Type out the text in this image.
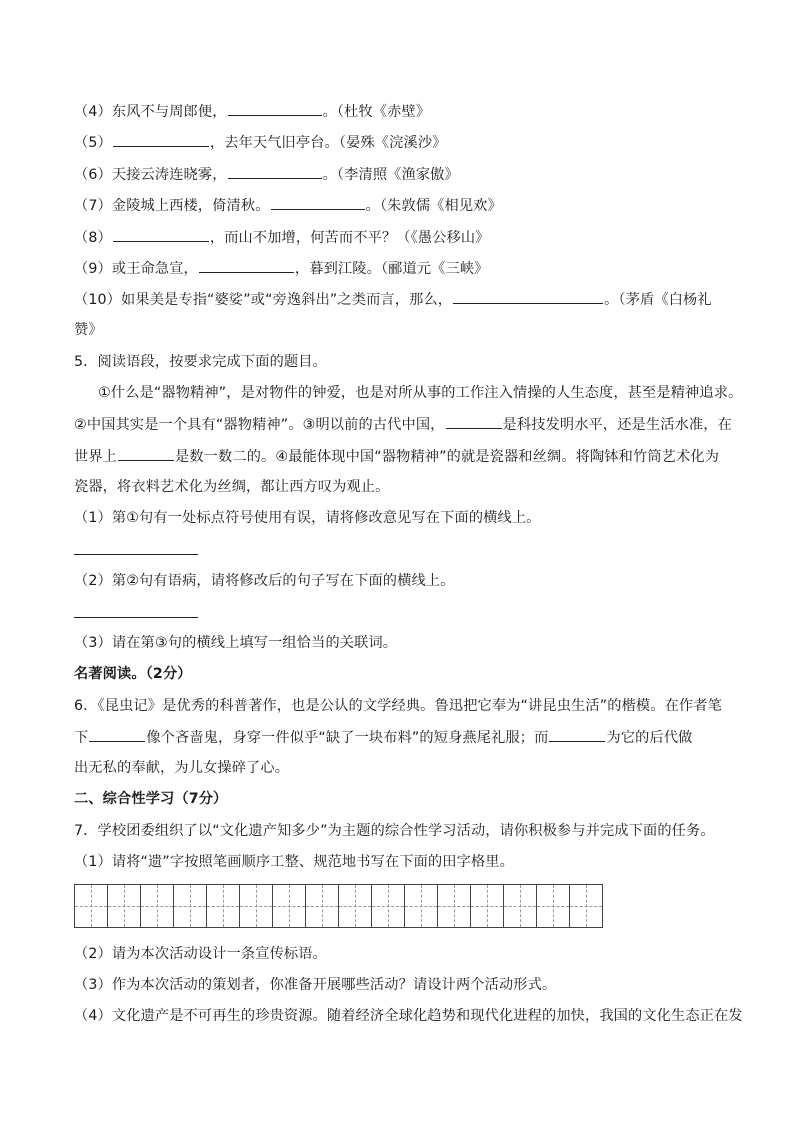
（4）东风不与周郎便，	。（杜牧《赤壁》
（5）	，去年天气旧亭台。（晏殊《浣溪沙》
（6）天接云涛连晓雾，	。（李清照《渔家傲》
（7）金陵城上西楼，倚清秋。	。（朱敦儒《相见欢》
（8）	，而山不加增，何苦而不平？（《愚公移山》
（9）或王命急宣，	，暮到江陵。（郦道元《三峡》
（10）如果美是专指“婆娑”或“旁逸斜出”之类而言，那么，	。（茅盾《白杨礼
赞》
5．阅读语段，按要求完成下面的题目。
①什么是“器物精神”，是对物件的钟爱，也是对所从事的工作注入情操的人生态度，甚至是精神追求。
②中国其实是一个具有“器物精神”。③明以前的古代中国，	是科技发明水平，还是生活水准，在
世界上	是数一数二的。④最能体现中国“器物精神”的就是瓷器和丝绸。将陶钵和竹筒艺术化为
瓷器，将衣料艺术化为丝绸，都让西方叹为观止。
（1）第①句有一处标点符号使用有误，请将修改意见写在下面的横线上。
（2）第②句有语病，请将修改后的句子写在下面的横线上。
（3）请在第③句的横线上填写一组恰当的关联词。
名著阅读。（2分）
6．《昆虫记》是优秀的科普著作，也是公认的文学经典。鲁迅把它奉为“讲昆虫生活”的楷模。在作者笔
下	像个吝啬鬼，身穿一件似乎“缺了一块布料”的短身燕尾礼服；而	为它的后代做
出无私的奉献，为儿女操碎了心。
二、综合性学习（7分）
7．学校团委组织了以“文化遗产知多少”为主题的综合性学习活动，请你积极参与并完成下面的任务。
（1）请将“遗”字按照笔画顺序工整、规范地书写在下面的田字格里。
（2）请为本次活动设计一条宣传标语。
（3）作为本次活动的策划者，你准备开展哪些活动？请设计两个活动形式。
（4）文化遗产是不可再生的珍贵资源。随着经济全球化趋势和现代化进程的加快，我国的文化生态正在发
